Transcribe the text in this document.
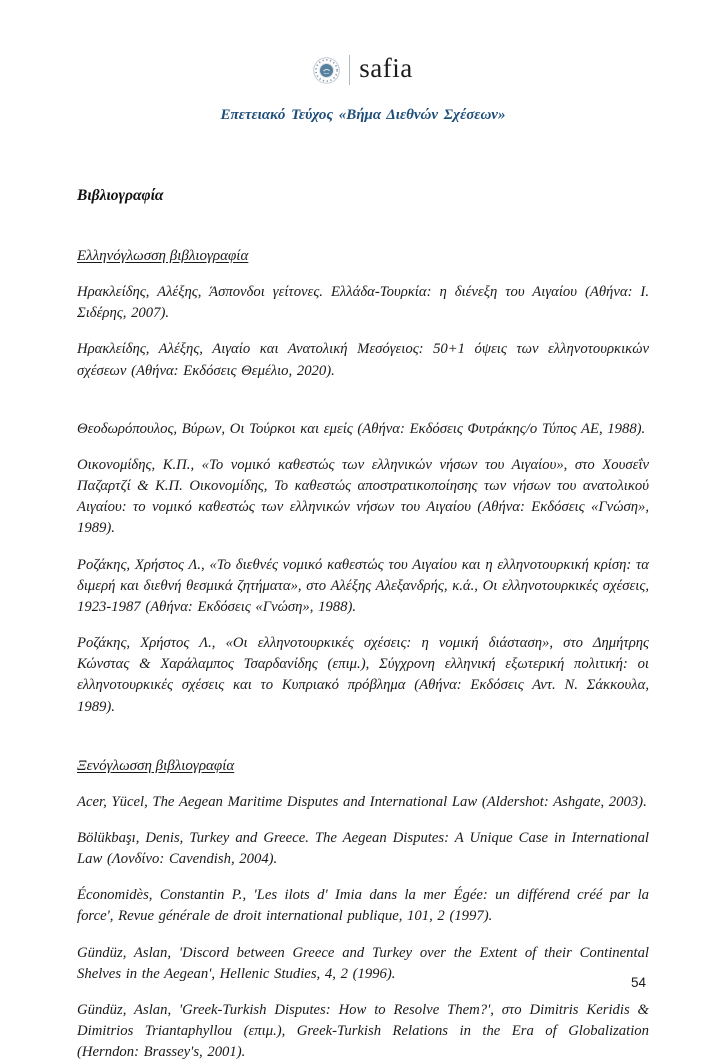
safia
Επετειακό Τεύχος «Βήμα Διεθνών Σχέσεων»
Βιβλιογραφία
Ελληνόγλωσση βιβλιογραφία

Ηρακλείδης, Αλέξης, Άσπονδοι γείτονες. Ελλάδα-Τουρκία: η διένεξη του Αιγαίου (Αθήνα: Ι. Σιδέρης, 2007).

Ηρακλείδης, Αλέξης, Αιγαίο και Ανατολική Μεσόγειος: 50+1 όψεις των ελληνοτουρκικών σχέσεων (Αθήνα: Εκδόσεις Θεμέλιο, 2020).

Θεοδωρόπουλος, Βύρων, Οι Τούρκοι και εμείς (Αθήνα: Εκδόσεις Φυτράκης/ο Τύπος ΑΕ, 1988).

Οικονομίδης, Κ.Π., «Το νομικό καθεστώς των ελληνικών νήσων του Αιγαίου», στο Χουσεΐν Παζαρτζί & Κ.Π. Οικονομίδης, Το καθεστώς αποστρατικοποίησης των νήσων του ανατολικού Αιγαίου: το νομικό καθεστώς των ελληνικών νήσων του Αιγαίου (Αθήνα: Εκδόσεις «Γνώση», 1989).

Ροζάκης, Χρήστος Λ., «Το διεθνές νομικό καθεστώς του Αιγαίου και η ελληνοτουρκική κρίση: τα διμερή και διεθνή θεσμικά ζητήματα», στο Αλέξης Αλεξανδρής, κ.ά., Οι ελληνοτουρκικές σχέσεις, 1923-1987 (Αθήνα: Εκδόσεις «Γνώση», 1988).

Ροζάκης, Χρήστος Λ., «Οι ελληνοτουρκικές σχέσεις: η νομική διάσταση», στο Δημήτρης Κώνστας & Χαράλαμπος Τσαρδανίδης (επιμ.), Σύγχρονη ελληνική εξωτερική πολιτική: οι ελληνοτουρκικές σχέσεις και το Κυπριακό πρόβλημα (Αθήνα: Εκδόσεις Αντ. Ν. Σάκκουλα, 1989).

Ξενόγλωσση βιβλιογραφία

Acer, Yücel, The Aegean Maritime Disputes and International Law (Aldershot: Ashgate, 2003).

Bölükbaşı, Denis, Turkey and Greece. The Aegean Disputes: A Unique Case in International Law (Λονδίνο: Cavendish, 2004).

Économidès, Constantin P., 'Les ilots d' Imia dans la mer Égée: un différend créé par la force', Revue générale de droit international publique, 101, 2 (1997).

Gündüz, Aslan, 'Discord between Greece and Turkey over the Extent of their Continental Shelves in the Aegean', Hellenic Studies, 4, 2 (1996).

Gündüz, Aslan, 'Greek-Turkish Disputes: How to Resolve Them?', στο Dimitris Keridis & Dimitrios Triantaphyllou (επιμ.), Greek-Turkish Relations in the Era of Globalization (Herndon: Brassey's, 2001).

54
